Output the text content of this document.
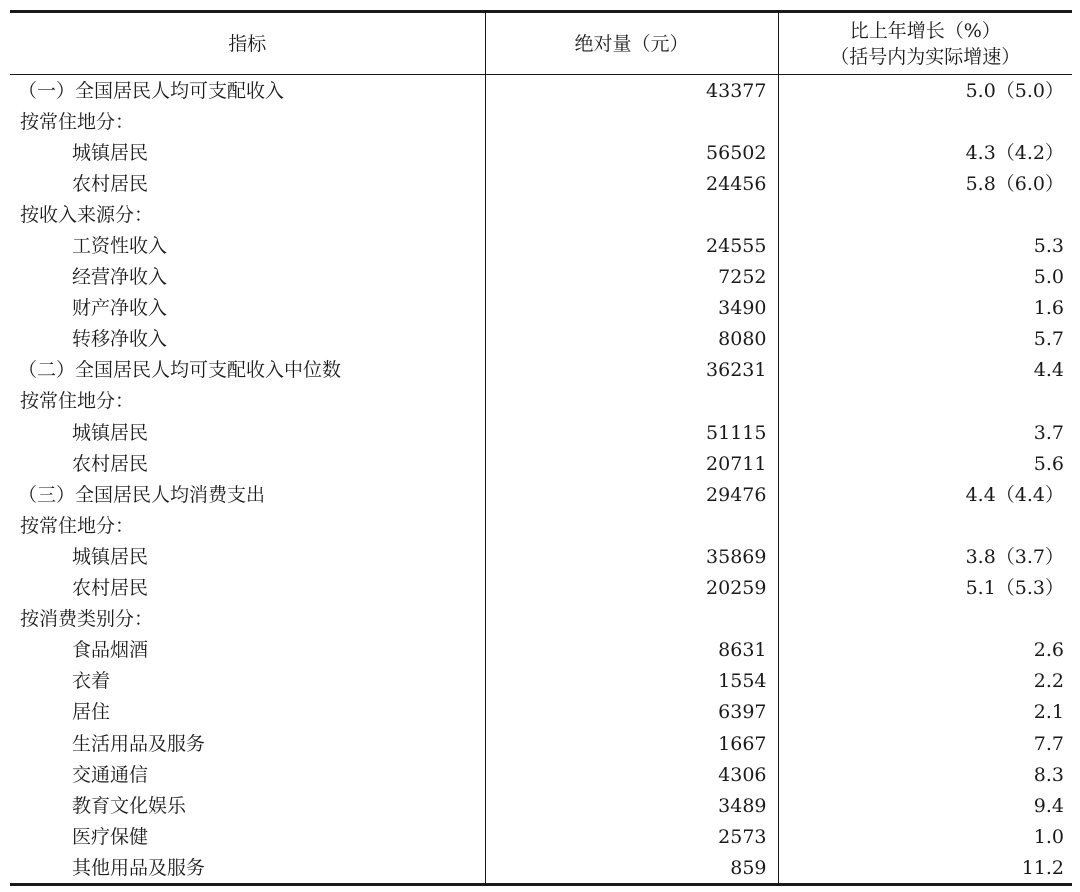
指标	绝对量（元）	比上年增长（%）
（括号内为实际增速）

（一）全国居民人均可支配收入	43377	5.0（5.0）
按常住地分：		
城镇居民	56502	4.3（4.2）
农村居民	24456	5.8（6.0）
按收入来源分：		
工资性收入	24555	5.3
经营净收入	7252	5.0
财产净收入	3490	1.6
转移净收入	8080	5.7
（二）全国居民人均可支配收入中位数	36231	4.4
按常住地分：		
城镇居民	51115	3.7
农村居民	20711	5.6
（三）全国居民人均消费支出	29476	4.4（4.4）
按常住地分：		
城镇居民	35869	3.8（3.7）
农村居民	20259	5.1（5.3）
按消费类别分：		
食品烟酒	8631	2.6
衣着	1554	2.2
居住	6397	2.1
生活用品及服务	1667	7.7
交通通信	4306	8.3
教育文化娱乐	3489	9.4
医疗保健	2573	1.0
其他用品及服务	859	11.2
